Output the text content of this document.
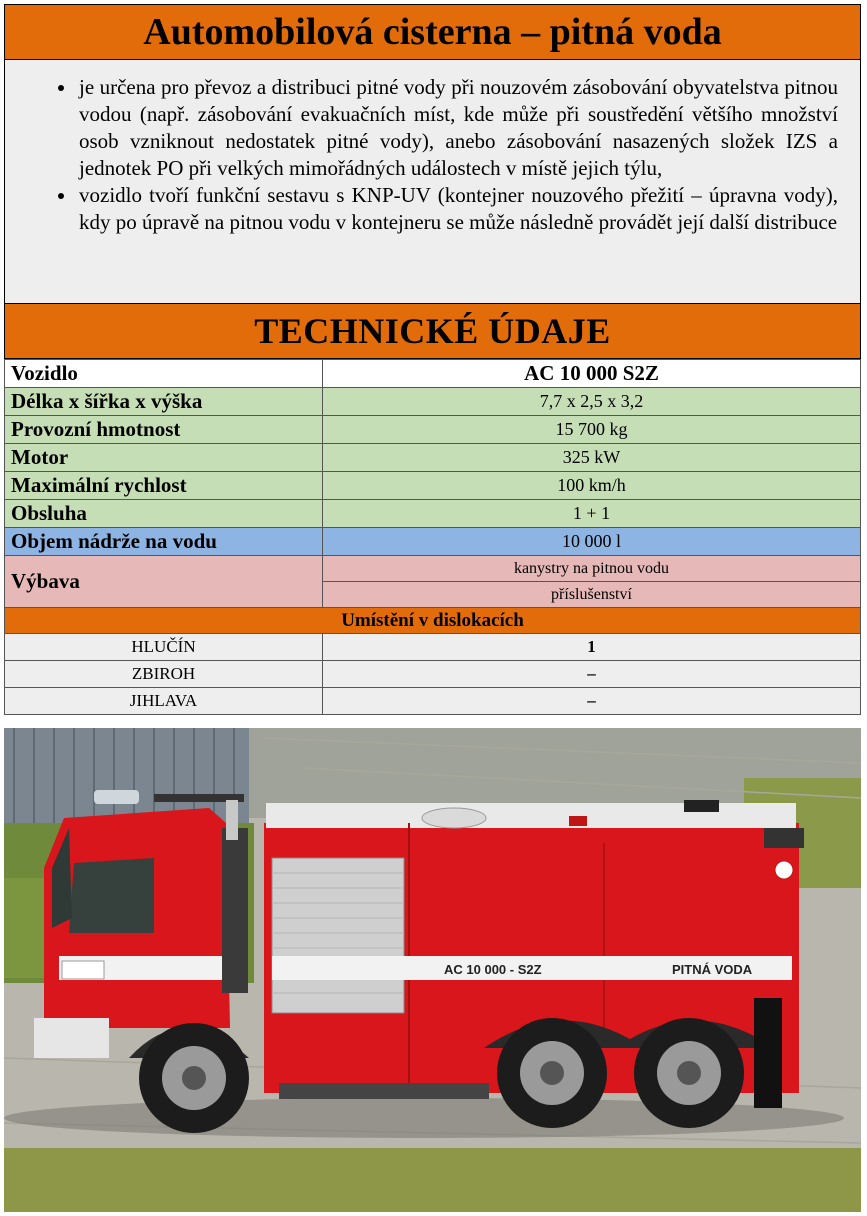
Automobilová cisterna – pitná voda
• je určena pro převoz a distribuci pitné vody při nouzovém zásobování obyvatelstva pitnou vodou (např. zásobování evakuačních míst, kde může při soustředění většího množství osob vzniknout nedostatek pitné vody), anebo zásobování nasazených složek IZS a jednotek PO při velkých mimořádných událostech v místě jejich týlu,
• vozidlo tvoří funkční sestavu s KNP-UV (kontejner nouzového přežití – úpravna vody), kdy po úpravě na pitnou vodu v kontejneru se může následně provádět její další distribuce
TECHNICKÉ ÚDAJE
Vozidlo	AC 10 000 S2Z
Délka x šířka x výška	7,7 x 2,5 x 3,2
Provozní hmotnost	15 700 kg
Motor	325 kW
Maximální rychlost	100 km/h
Obsluha	1 + 1
Objem nádrže na vodu	10 000 l
Výbava	kanystry na pitnou vodu
	příslušenství
Umístění v dislokacích	
HLUČÍN	1
ZBIROH	–
JIHLAVA	–
AC 10 000 - S2Z	PITNÁ VODA
